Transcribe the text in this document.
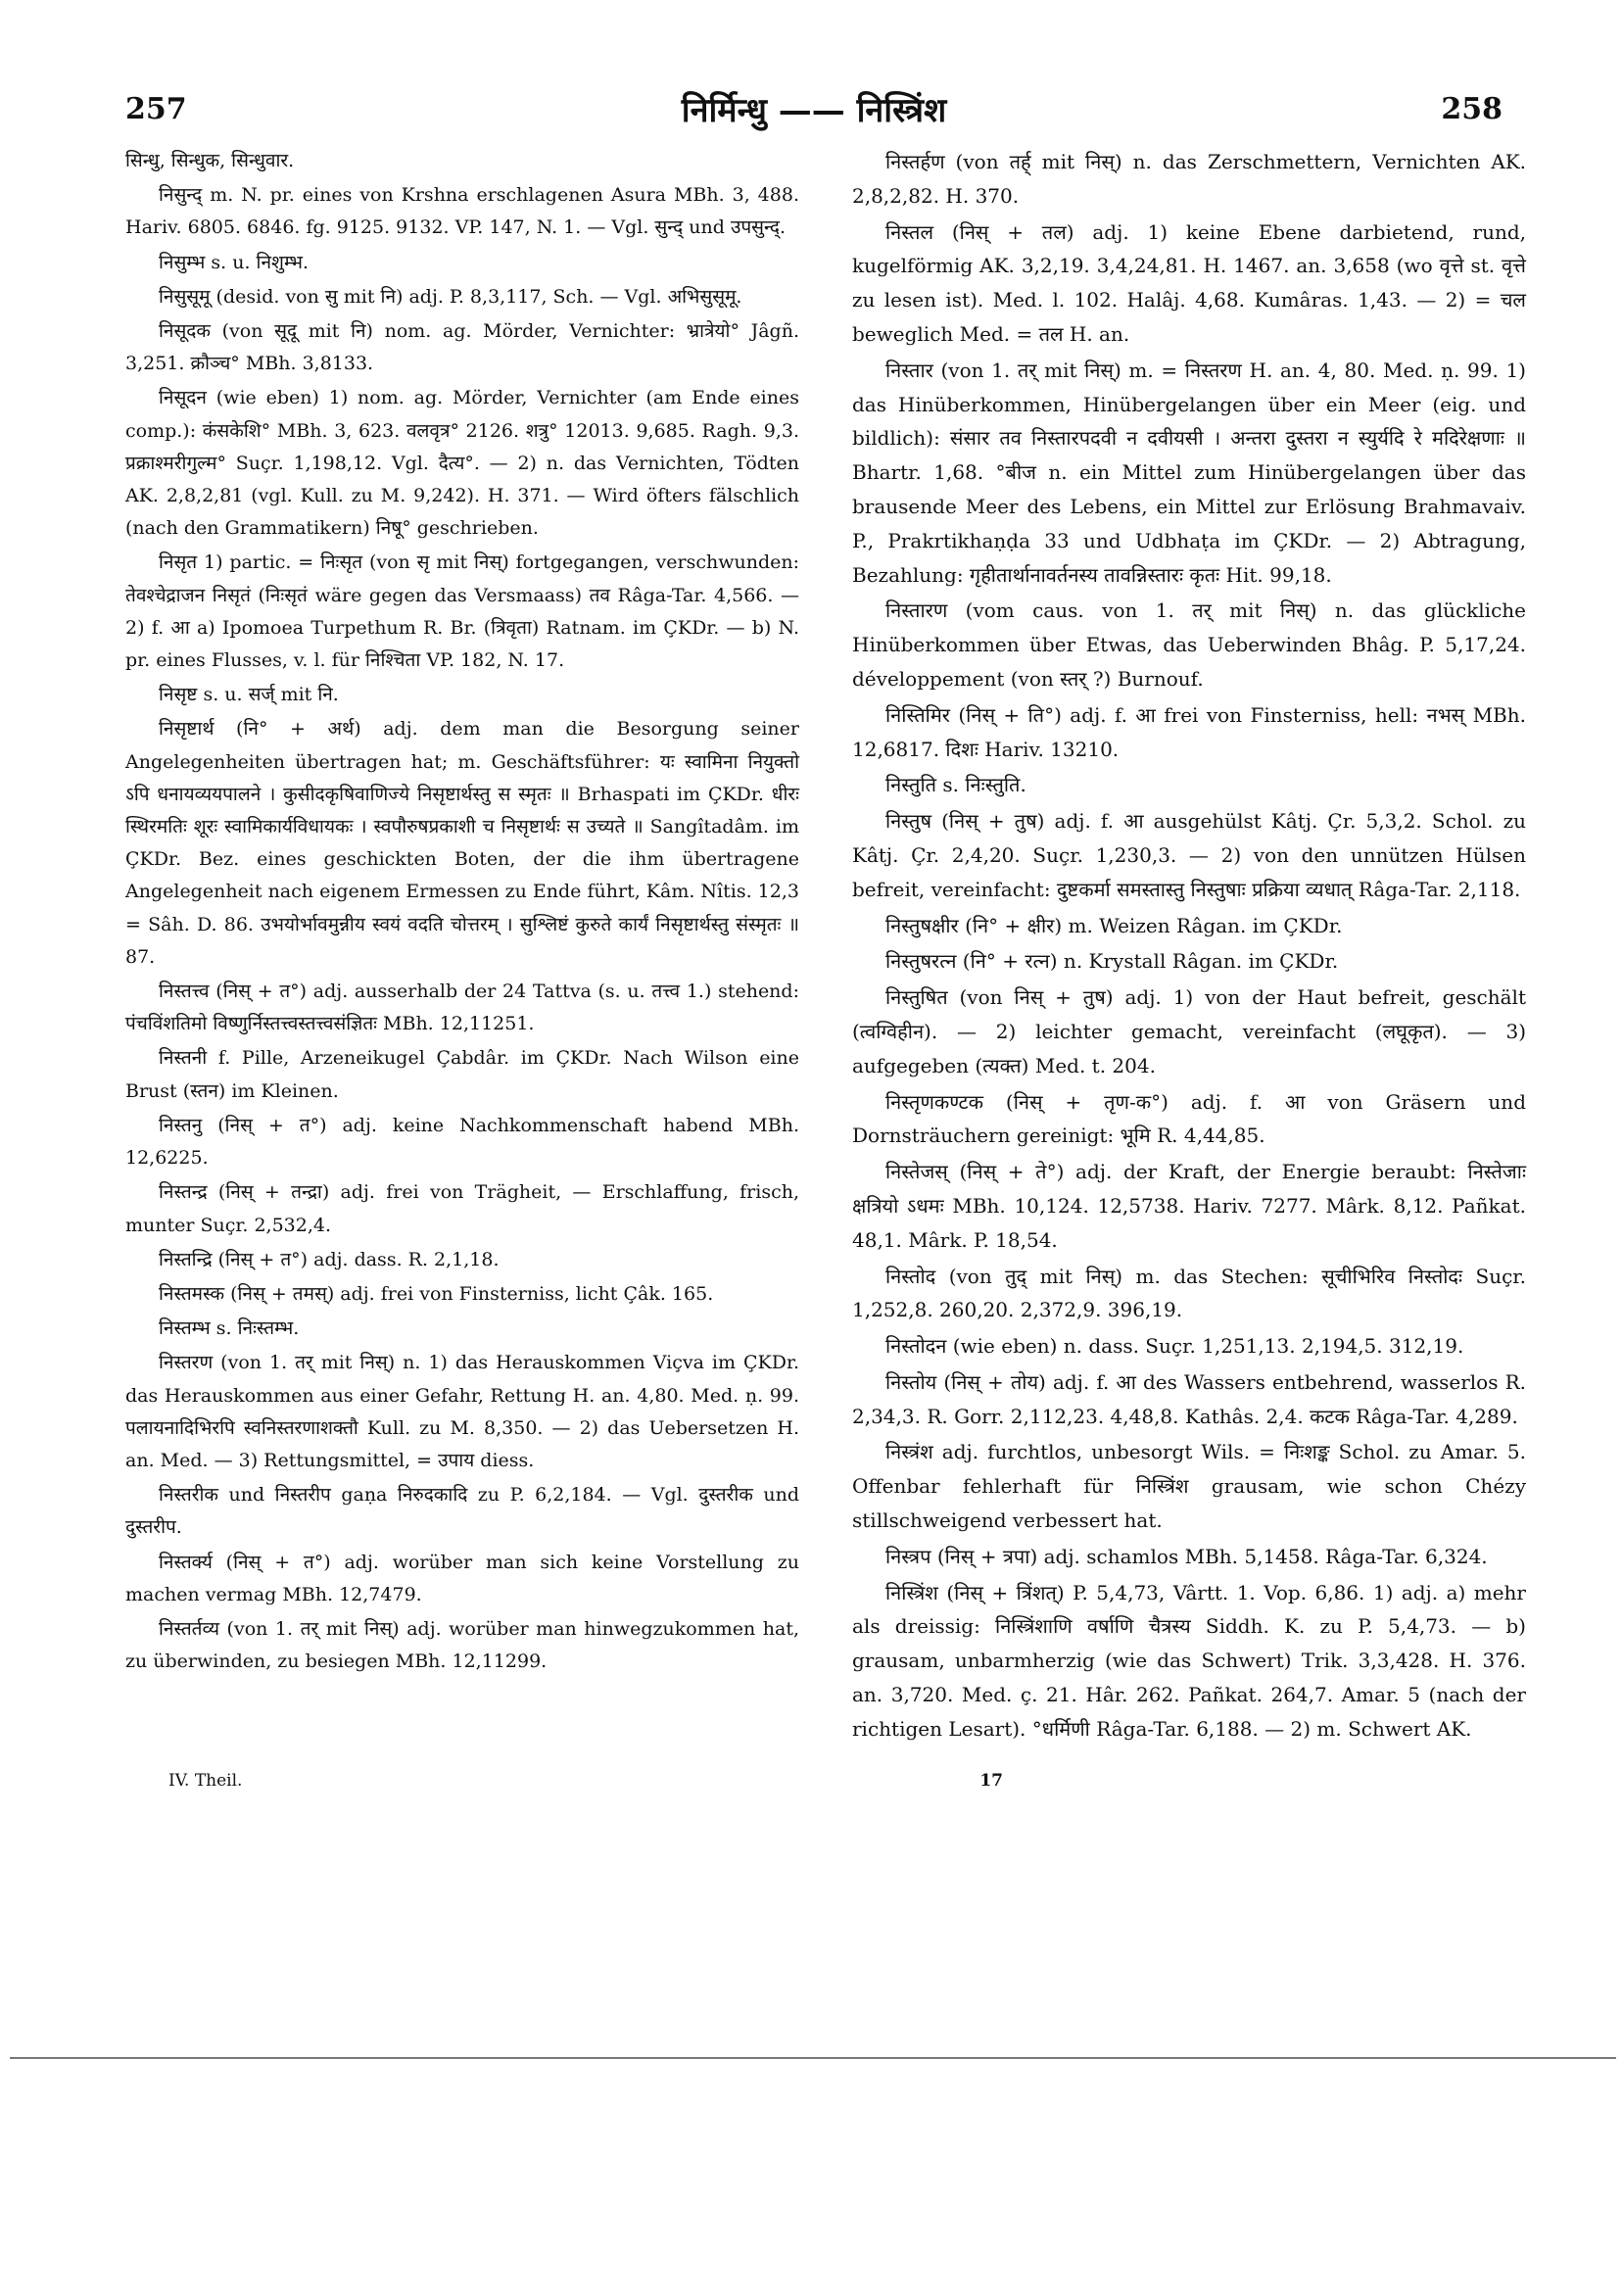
257	निर्मिन्धु —— निस्त्रिंश	258

सिन्धु, सिन्धुक, सिन्धुवार.

निसुन्द् m. N. pr. eines von Krshna erschlagenen Asura MBh. 3, 488. Hariv. 6805. 6846. fg. 9125. 9132. VP. 147, N. 1. — Vgl. सुन्द् und उपसुन्द्.

निसुम्भ s. u. निशुम्भ.

निसुसूमू (desid. von सु mit नि) adj. P. 8,3,117, Sch. — Vgl. अभिसुसूमू.

निसूदक (von सूदू mit नि) nom. ag. Mörder, Vernichter: भ्रात्रेयो° Jâgñ. 3,251. क्रौञ्च° MBh. 3,8133.

निसूदन (wie eben) 1) nom. ag. Mörder, Vernichter (am Ende eines comp.): कंसकेशि° MBh. 3, 623. वलवृत्र° 2126. शत्रु° 12013. 9,685. Ragh. 9,3. प्रक्राश्मरीगुल्म° Suçr. 1,198,12. Vgl. दैत्य°. — 2) n. das Vernichten, Tödten AK. 2,8,2,81 (vgl. Kull. zu M. 9,242). H. 371. — Wird öfters fälschlich (nach den Grammatikern) निषू° geschrieben.

निसृत 1) partic. = निःसृत (von सृ mit निस्) fortgegangen, verschwunden: तेवश्चेद्राजन निसृतं (निःसृतं wäre gegen das Versmaass) तव Râga-Tar. 4,566. — 2) f. आ a) Ipomoea Turpethum R. Br. (त्रिवृता) Ratnam. im ÇKDr. — b) N. pr. eines Flusses, v. l. für निश्चिता VP. 182, N. 17.

निसृष्ट s. u. सर्ज् mit नि.

निसृष्टार्थ (नि° + अर्थ) adj. dem man die Besorgung seiner Angelegenheiten übertragen hat; m. Geschäftsführer: यः स्वामिना नियुक्तो ऽपि धनायव्ययपालने । कुसीदकृषिवाणिज्ये निसृष्टार्थस्तु स स्मृतः ॥ Brhaspati im ÇKDr. धीरः स्थिरमतिः शूरः स्वामिकार्यविधायकः । स्वपौरुषप्रकाशी च निसृष्टार्थः स उच्यते ॥ Sangîtadâm. im ÇKDr. Bez. eines geschickten Boten, der die ihm übertragene Angelegenheit nach eigenem Ermessen zu Ende führt, Kâm. Nîtis. 12,3 = Sâh. D. 86. उभयोर्भावमुन्नीय स्वयं वदति चोत्तरम् । सुश्लिष्टं कुरुते कार्यं निसृष्टार्थस्तु संस्मृतः ॥ 87.

निस्तत्त्व (निस् + त°) adj. ausserhalb der 24 Tattva (s. u. तत्त्व 1.) stehend: पंचविंशतिमो विष्णुर्निस्तत्त्वस्तत्त्वसंज्ञितः MBh. 12,11251.

निस्तनी f. Pille, Arzeneikugel Çabdâr. im ÇKDr. Nach Wilson eine Brust (स्तन) im Kleinen.

निस्तनु (निस् + त°) adj. keine Nachkommenschaft habend MBh. 12,6225.

निस्तन्द्र (निस् + तन्द्रा) adj. frei von Trägheit, — Erschlaffung, frisch, munter Suçr. 2,532,4.

निस्तन्द्रि (निस् + त°) adj. dass. R. 2,1,18.

निस्तमस्क (निस् + तमस्) adj. frei von Finsterniss, licht Çâk. 165.

निस्तम्भ s. निःस्तम्भ.

निस्तरण (von 1. तर् mit निस्) n. 1) das Herauskommen Viçva im ÇKDr. das Herauskommen aus einer Gefahr, Rettung H. an. 4,80. Med. ṇ. 99. पलायनादिभिरपि स्वनिस्तरणाशक्तौ Kull. zu M. 8,350. — 2) das Uebersetzen H. an. Med. — 3) Rettungsmittel, = उपाय diess.

निस्तरीक und निस्तरीप gaṇa निरुदकादि zu P. 6,2,184. — Vgl. दुस्तरीक und दुस्तरीप.

निस्तर्क्य (निस् + त°) adj. worüber man sich keine Vorstellung zu machen vermag MBh. 12,7479.

निस्तर्तव्य (von 1. तर् mit निस्) adj. worüber man hinwegzukommen hat, zu überwinden, zu besiegen MBh. 12,11299.

निस्तर्हण (von तर्ह् mit निस्) n. das Zerschmettern, Vernichten AK. 2,8,2,82. H. 370.

निस्तल (निस् + तल) adj. 1) keine Ebene darbietend, rund, kugelförmig AK. 3,2,19. 3,4,24,81. H. 1467. an. 3,658 (wo वृत्ते st. वृत्ते zu lesen ist). Med. l. 102. Halâj. 4,68. Kumâras. 1,43. — 2) = चल beweglich Med. = तल H. an.

निस्तार (von 1. तर् mit निस्) m. = निस्तरण H. an. 4, 80. Med. ṇ. 99. 1) das Hinüberkommen, Hinübergelangen über ein Meer (eig. und bildlich): संसार तव निस्तारपदवी न दवीयसी । अन्तरा दुस्तरा न स्युर्यदि रे मदिरेक्षणाः ॥ Bhartr. 1,68. °बीज n. ein Mittel zum Hinübergelangen über das brausende Meer des Lebens, ein Mittel zur Erlösung Brahmavaiv. P., Prakrtikhaṇḍa 33 und Udbhaṭa im ÇKDr. — 2) Abtragung, Bezahlung: गृहीतार्थानावर्तनस्य तावन्निस्तारः कृतः Hit. 99,18.

निस्तारण (vom caus. von 1. तर् mit निस्) n. das glückliche Hinüberkommen über Etwas, das Ueberwinden Bhâg. P. 5,17,24. développement (von स्तर् ?) Burnouf.

निस्तिमिर (निस् + ति°) adj. f. आ frei von Finsterniss, hell: नभस् MBh. 12,6817. दिशः Hariv. 13210.

निस्तुति s. निःस्तुति.

निस्तुष (निस् + तुष) adj. f. आ ausgehülst Kâtj. Çr. 5,3,2. Schol. zu Kâtj. Çr. 2,4,20. Suçr. 1,230,3. — 2) von den unnützen Hülsen befreit, vereinfacht: दुष्टकर्मा समस्तास्तु निस्तुषाः प्रक्रिया व्यधात् Râga-Tar. 2,118.

निस्तुषक्षीर (नि° + क्षीर) m. Weizen Râgan. im ÇKDr.

निस्तुषरत्न (नि° + रत्न) n. Krystall Râgan. im ÇKDr.

निस्तुषित (von निस् + तुष) adj. 1) von der Haut befreit, geschält (त्वग्विहीन). — 2) leichter gemacht, vereinfacht (लघूकृत). — 3) aufgegeben (त्यक्त) Med. t. 204.

निस्तृणकण्टक (निस् + तृण-क°) adj. f. आ von Gräsern und Dornsträuchern gereinigt: भूमि R. 4,44,85.

निस्तेजस् (निस् + ते°) adj. der Kraft, der Energie beraubt: निस्तेजाः क्षत्रियो ऽधमः MBh. 10,124. 12,5738. Hariv. 7277. Mârk. 8,12. Pañkat. 48,1. Mârk. P. 18,54.

निस्तोद (von तुद् mit निस्) m. das Stechen: सूचीभिरिव निस्तोदः Suçr. 1,252,8. 260,20. 2,372,9. 396,19.

निस्तोदन (wie eben) n. dass. Suçr. 1,251,13. 2,194,5. 312,19.

निस्तोय (निस् + तोय) adj. f. आ des Wassers entbehrend, wasserlos R. 2,34,3. R. Gorr. 2,112,23. 4,48,8. Kathâs. 2,4. कटक Râga-Tar. 4,289.

निस्त्रंश adj. furchtlos, unbesorgt Wils. = निःशङ्क Schol. zu Amar. 5. Offenbar fehlerhaft für निस्त्रिंश grausam, wie schon Chézy stillschweigend verbessert hat.

निस्त्रप (निस् + त्रपा) adj. schamlos MBh. 5,1458. Râga-Tar. 6,324.

निस्त्रिंश (निस् + त्रिंशत्) P. 5,4,73, Vârtt. 1. Vop. 6,86. 1) adj. a) mehr als dreissig: निस्त्रिंशाणि वर्षाणि चैत्रस्य Siddh. K. zu P. 5,4,73. — b) grausam, unbarmherzig (wie das Schwert) Trik. 3,3,428. H. 376. an. 3,720. Med. ç. 21. Hâr. 262. Pañkat. 264,7. Amar. 5 (nach der richtigen Lesart). °धर्मिणी Râga-Tar. 6,188. — 2) m. Schwert AK.

IV. Theil.	17
